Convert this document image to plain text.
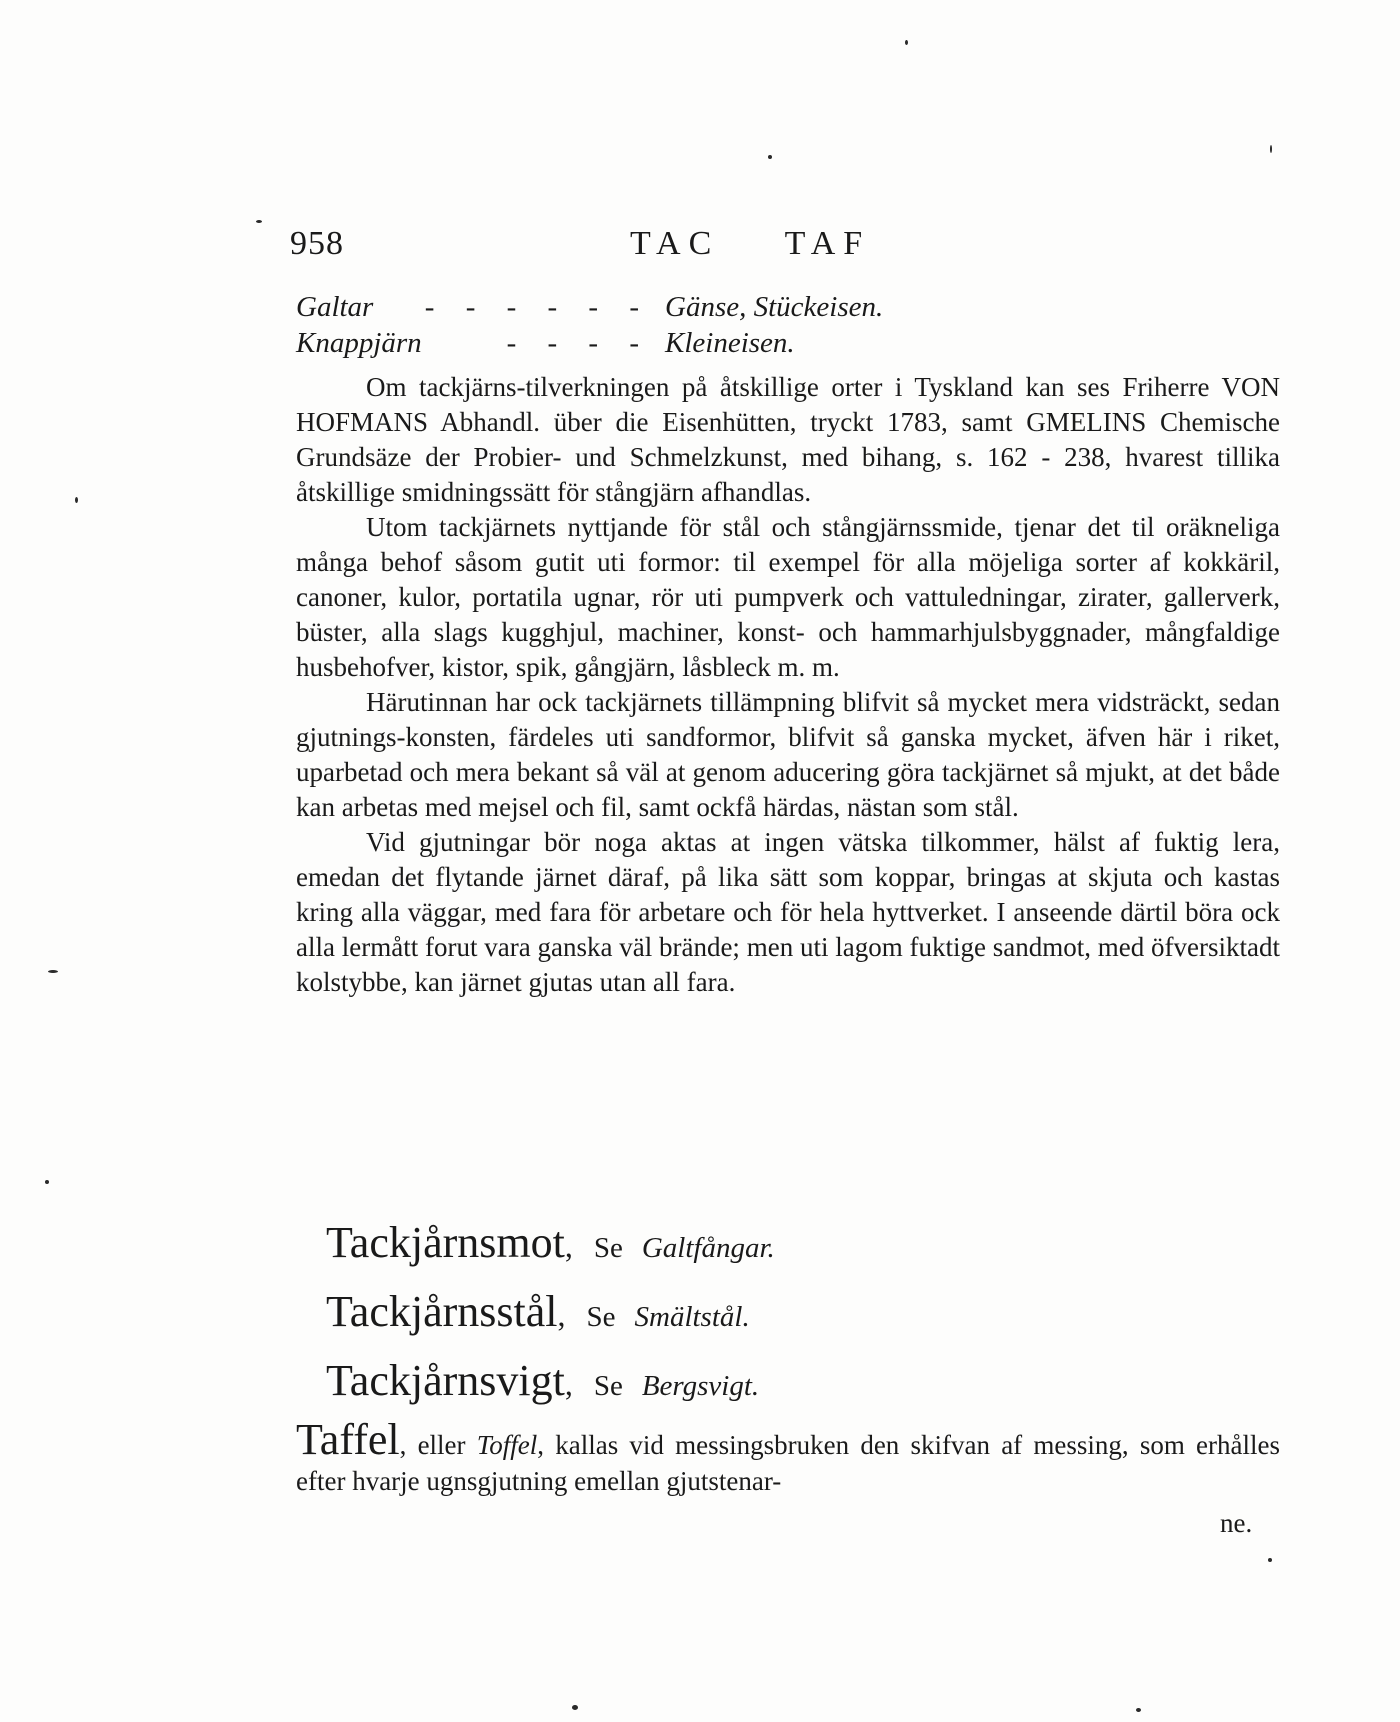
958	TAC    TAF
Galtar	- - - - - - Gänse, Stückeisen.
Knappjärn	- - - - Kleineisen.

Om tackjärns-tilverkningen på åtskillige orter i Tyskland kan ses Friherre VON HOFMANS Abhandl. über die Eisenhütten, tryckt 1783, samt GMELINS Chemische Grundsäze der Probier- und Schmelzkunst, med bihang, s. 162 - 238, hvarest tillika åtskillige smidningssätt för stångjärn afhandlas.

Utom tackjärnets nyttjande för stål och stångjärnssmide, tjenar det til oräkneliga många behof såsom gutit uti formor: til exempel för alla möjeliga sorter af kokkäril, canoner, kulor, portatila ugnar, rör uti pumpverk och vattuledningar, zirater, gallerverk, büster, alla slags kugghjul, machiner, konst- och hammarhjulsbyggnader, mångfaldige husbehofver, kistor, spik, gångjärn, låsbleck m. m.

Härutinnan har ock tackjärnets tillämpning blifvit så mycket mera vidsträckt, sedan gjutnings-konsten, färdeles uti sandformor, blifvit så ganska mycket, äfven här i riket, uparbetad och mera bekant så väl at genom aducering göra tackjärnet så mjukt, at det både kan arbetas med mejsel och fil, samt ockfå härdas, nästan som stål.

Vid gjutningar bör noga aktas at ingen vätska tilkommer, hälst af fuktig lera, emedan det flytande järnet däraf, på lika sätt som koppar, bringas at skjuta och kastas kring alla väggar, med fara för arbetare och för hela hyttverket. I anseende därtil böra ock alla lermått forut vara ganska väl brände; men uti lagom fuktige sandmot, med öfversiktadt kolstybbe, kan järnet gjutas utan all fara.

Tackjårnsmot, Se Galtfångar.
Tackjårnsstål, Se Smältstål.
Tackjårnsvigt, Se Bergsvigt.
Taffel, eller Toffel, kallas vid messingsbruken den skifvan af messing, som erhålles efter hvarje ugnsgjutning emellan gjutstenar-
ne.
